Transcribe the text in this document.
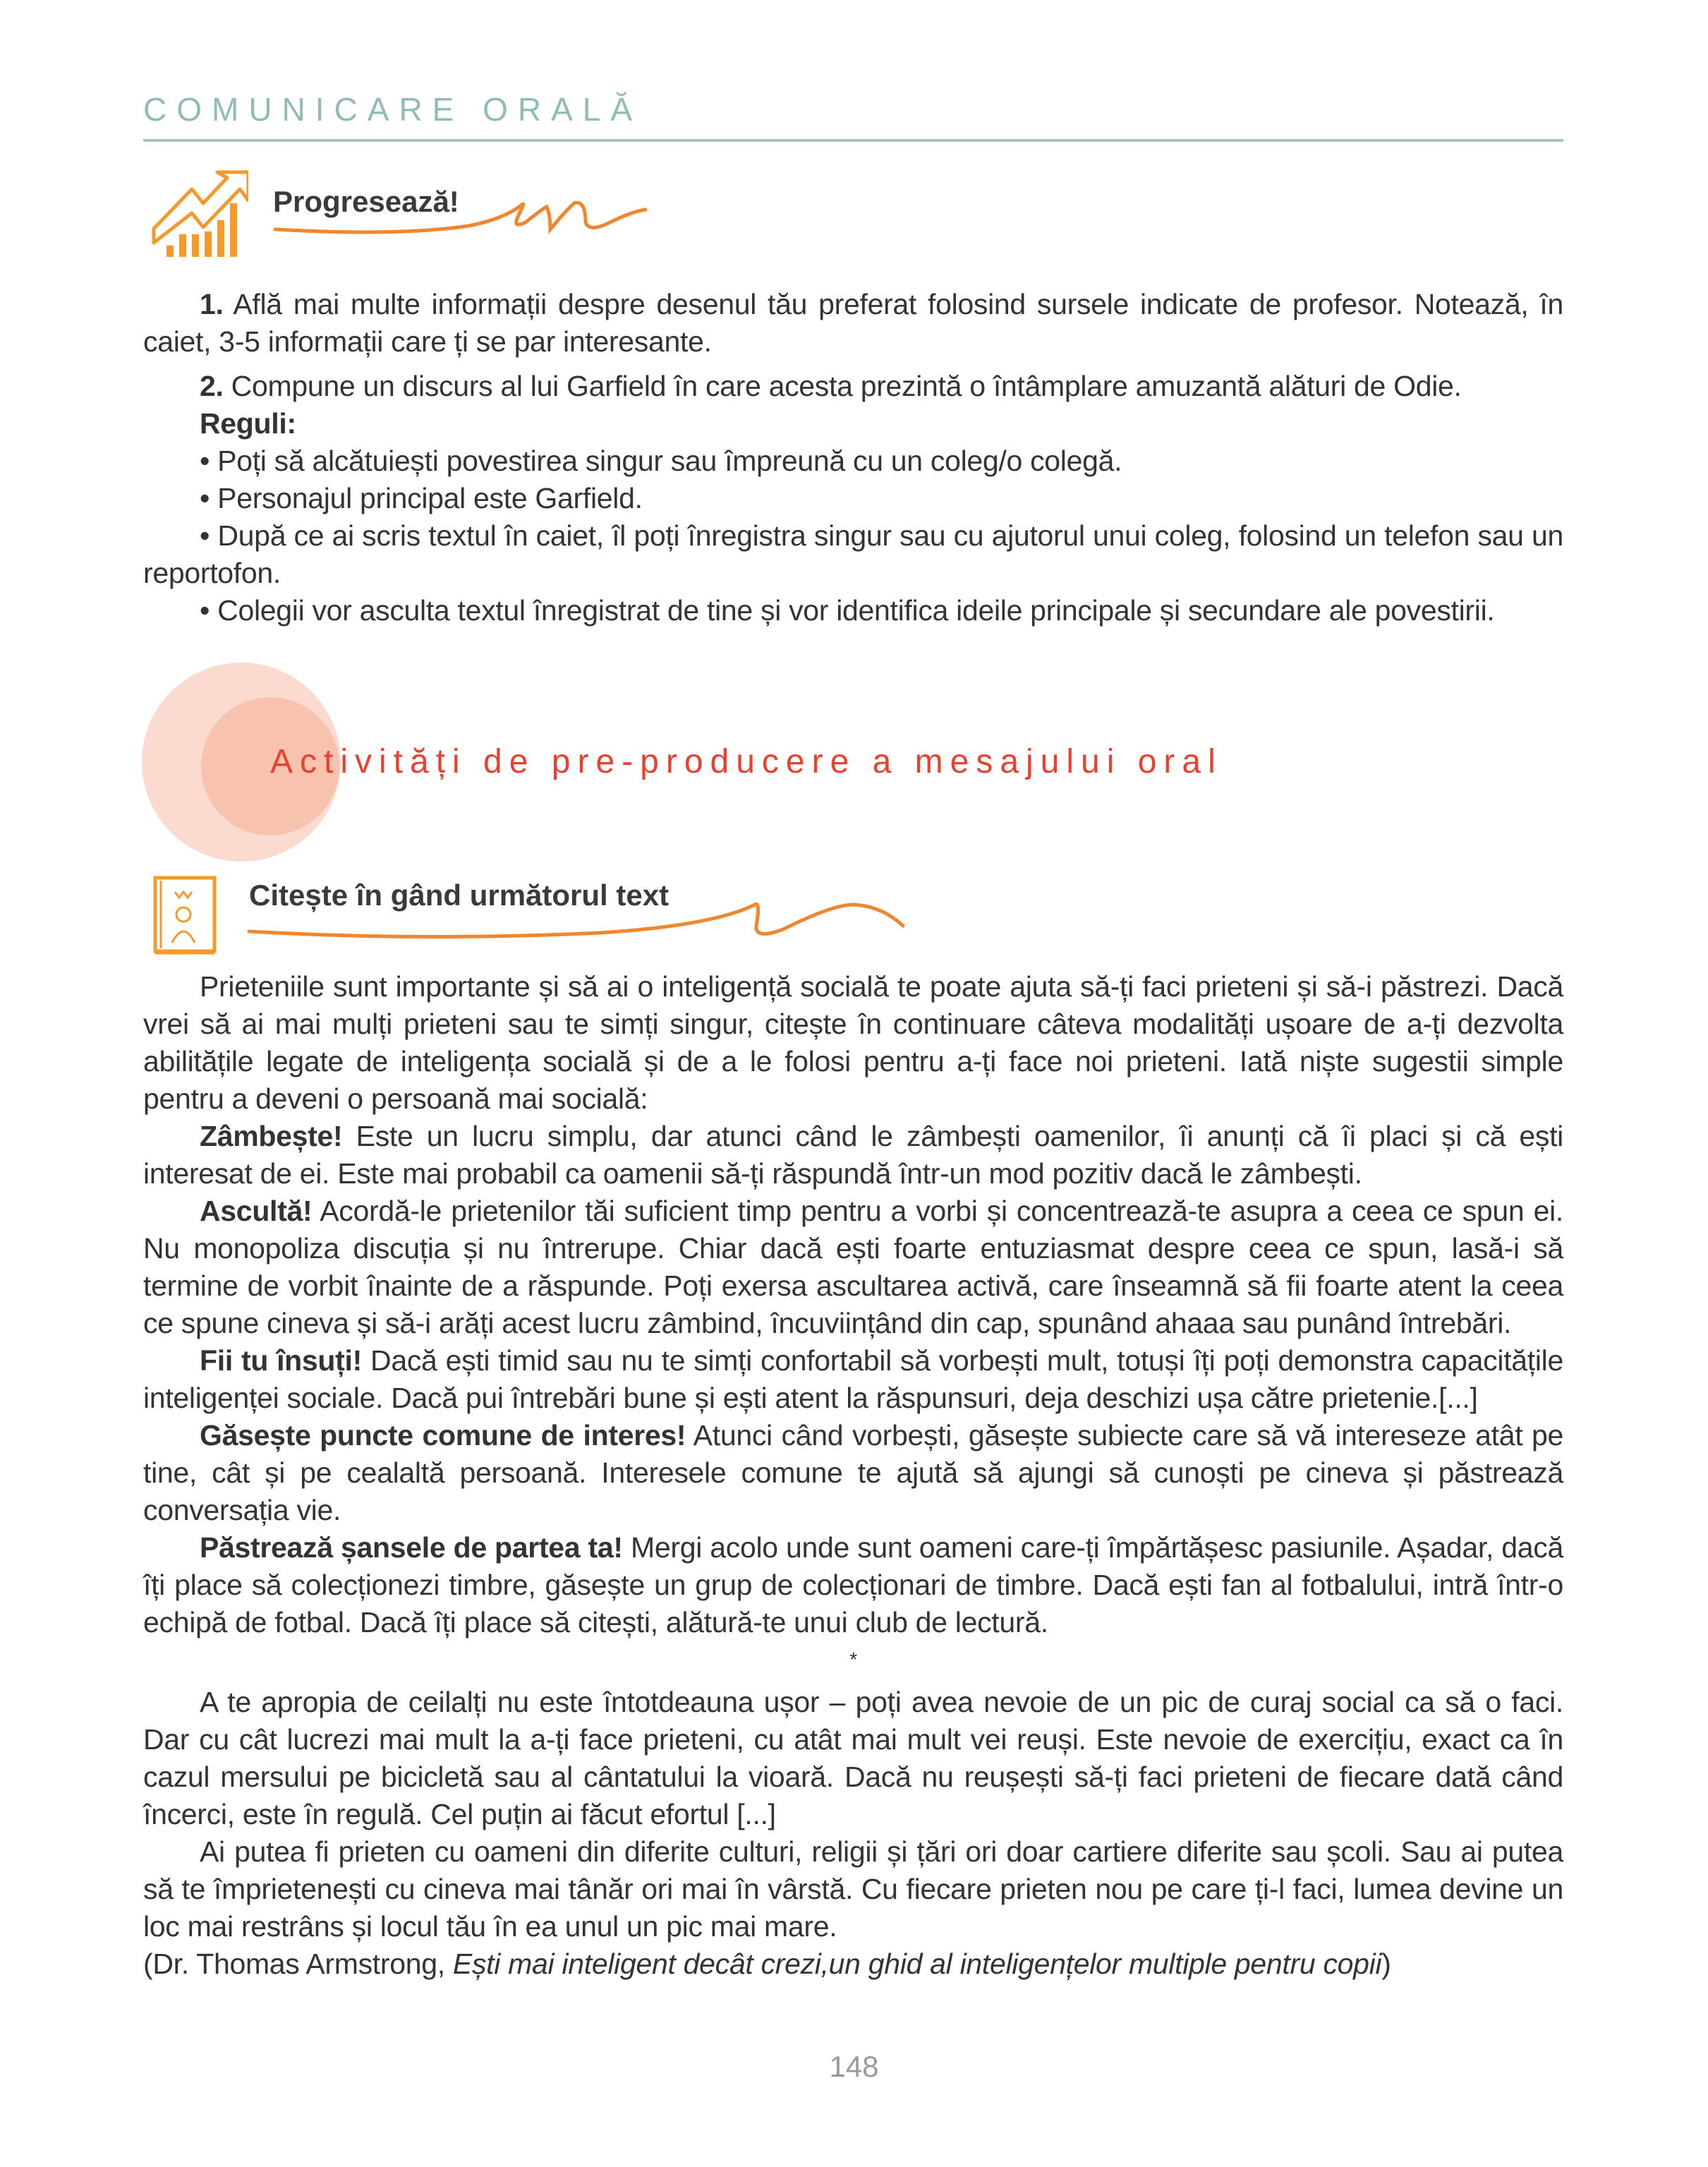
COMUNICARE ORALĂ
Progresează!

1. Află mai multe informații despre desenul tău preferat folosind sursele indicate de profesor. Notează, în caiet, 3-5 informații care ți se par interesante.

2. Compune un discurs al lui Garfield în care acesta prezintă o întâmplare amuzantă alături de Odie.

Reguli:

• Poți să alcătuiești povestirea singur sau împreună cu un coleg/o colegă.

• Personajul principal este Garfield.

• După ce ai scris textul în caiet, îl poți înregistra singur sau cu ajutorul unui coleg, folosind un telefon sau un reportofon.

• Colegii vor asculta textul înregistrat de tine și vor identifica ideile principale și secundare ale povestirii.

Activități de pre-producere a mesajului oral
Citește în gând următorul text

Prieteniile sunt importante și să ai o inteligență socială te poate ajuta să-ți faci prieteni și să-i păstrezi. Dacă vrei să ai mai mulți prieteni sau te simți singur, citește în continuare câteva modalități ușoare de a-ți dezvolta abilitățile legate de inteligența socială și de a le folosi pentru a-ți face noi prieteni. Iată niște sugestii simple pentru a deveni o persoană mai socială:

Zâmbește! Este un lucru simplu, dar atunci când le zâmbești oamenilor, îi anunți că îi placi și că ești interesat de ei. Este mai probabil ca oamenii să-ți răspundă într-un mod pozitiv dacă le zâmbești.

Ascultă! Acordă-le prietenilor tăi suficient timp pentru a vorbi și concentrează-te asupra a ceea ce spun ei. Nu monopoliza discuția și nu întrerupe. Chiar dacă ești foarte entuziasmat despre ceea ce spun, lasă-i să termine de vorbit înainte de a răspunde. Poți exersa ascultarea activă, care înseamnă să fii foarte atent la ceea ce spune cineva și să-i arăți acest lucru zâmbind, încuviințând din cap, spunând ahaaa sau punând întrebări.

Fii tu însuți! Dacă ești timid sau nu te simți confortabil să vorbești mult, totuși îți poți demonstra capacitățile inteligenței sociale. Dacă pui întrebări bune și ești atent la răspunsuri, deja deschizi ușa către prietenie.[...]

Găsește puncte comune de interes! Atunci când vorbești, găsește subiecte care să vă intereseze atât pe tine, cât și pe cealaltă persoană. Interesele comune te ajută să ajungi să cunoști pe cineva și păstrează conversația vie.

Păstrează șansele de partea ta! Mergi acolo unde sunt oameni care-ți împărtășesc pasiunile. Așadar, dacă îți place să colecționezi timbre, găsește un grup de colecționari de timbre. Dacă ești fan al fotbalului, intră într-o echipă de fotbal. Dacă îți place să citești, alătură-te unui club de lectură.

*

A te apropia de ceilalți nu este întotdeauna ușor – poți avea nevoie de un pic de curaj social ca să o faci. Dar cu cât lucrezi mai mult la a-ți face prieteni, cu atât mai mult vei reuși. Este nevoie de exercițiu, exact ca în cazul mersului pe bicicletă sau al cântatului la vioară. Dacă nu reușești să-ți faci prieteni de fiecare dată când încerci, este în regulă. Cel puțin ai făcut efortul [...]

Ai putea fi prieten cu oameni din diferite culturi, religii și țări ori doar cartiere diferite sau școli. Sau ai putea să te împrietenești cu cineva mai tânăr ori mai în vârstă. Cu fiecare prieten nou pe care ți-l faci, lumea devine un loc mai restrâns și locul tău în ea unul un pic mai mare.

(Dr. Thomas Armstrong, Ești mai inteligent decât crezi,un ghid al inteligențelor multiple pentru copii)

148
